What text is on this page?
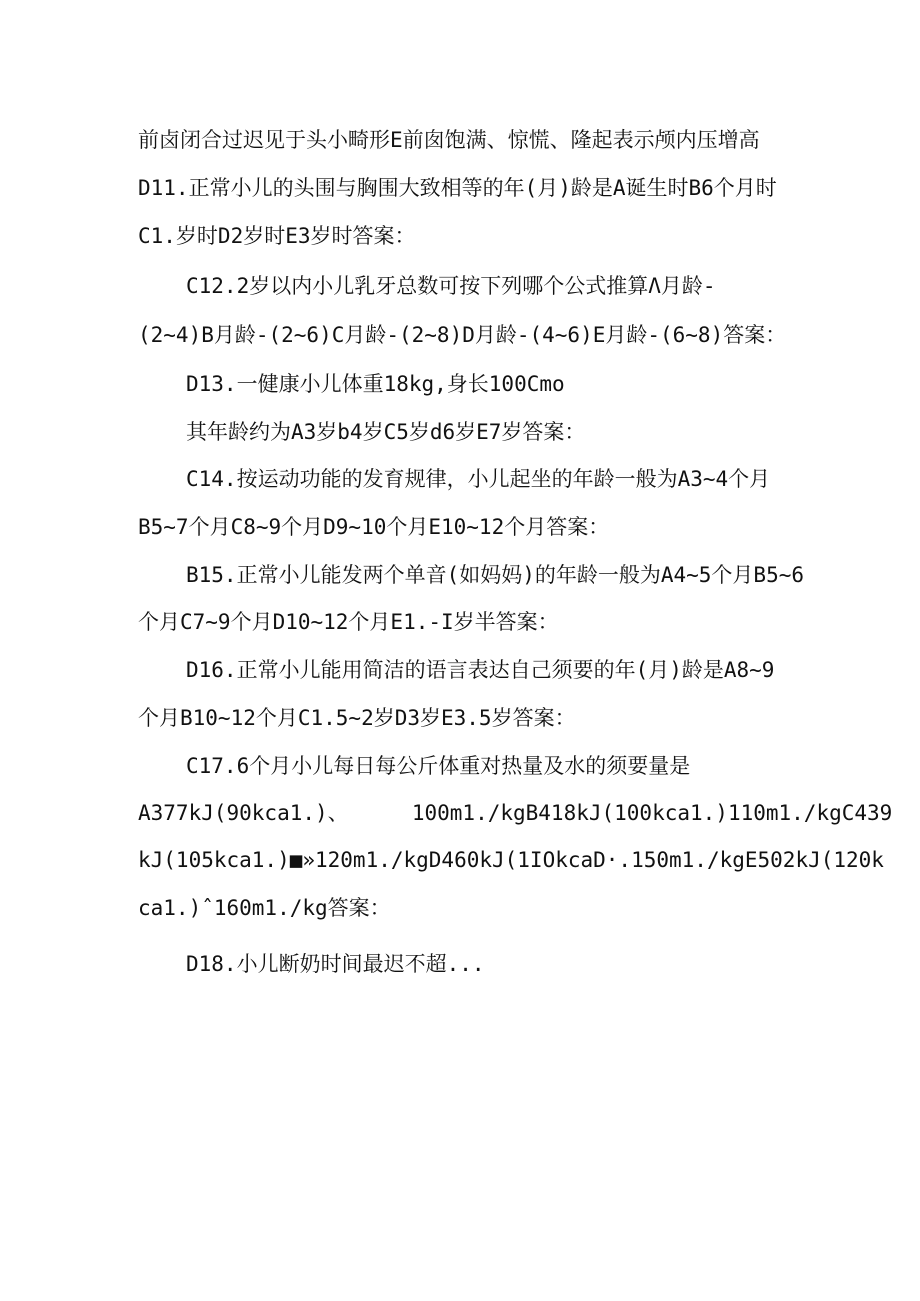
前卤闭合过迟见于头小畸形E前囱饱满、惊慌、隆起表示颅内压增高
D11.正常小儿的头围与胸围大致相等的年(月)龄是A诞生时B6个月时
C1.岁时D2岁时E3岁时答案：
C12.2岁以内小儿乳牙总数可按下列哪个公式推算Λ月龄-
(2~4)B月龄-(2~6)C月龄-(2~8)D月龄-(4~6)E月龄-(6~8)答案：
D13.一健康小儿体重18kg,身长100Cmo
其年龄约为A3岁b4岁C5岁d6岁E7岁答案：
C14.按运动功能的发育规律，小儿起坐的年龄一般为A3~4个月
B5~7个月C8~9个月D9~10个月E10~12个月答案：
B15.正常小儿能发两个单音(如妈妈)的年龄一般为A4~5个月B5~6
个月C7~9个月D10~12个月E1.-I岁半答案：
D16.正常小儿能用简洁的语言表达自己须要的年(月)龄是A8~9
个月B10~12个月C1.5~2岁D3岁E3.5岁答案：
C17.6个月小儿每日每公斤体重对热量及水的须要量是
A377kJ(90kca1.)、     100m1./kgB418kJ(100kca1.)110m1./kgC439
kJ(105kca1.)■»120m1./kgD460kJ(1IOkcaD·.150m1./kgE502kJ(120k
ca1.)ˆ160m1./kg答案：
D18.小儿断奶时间最迟不超...
